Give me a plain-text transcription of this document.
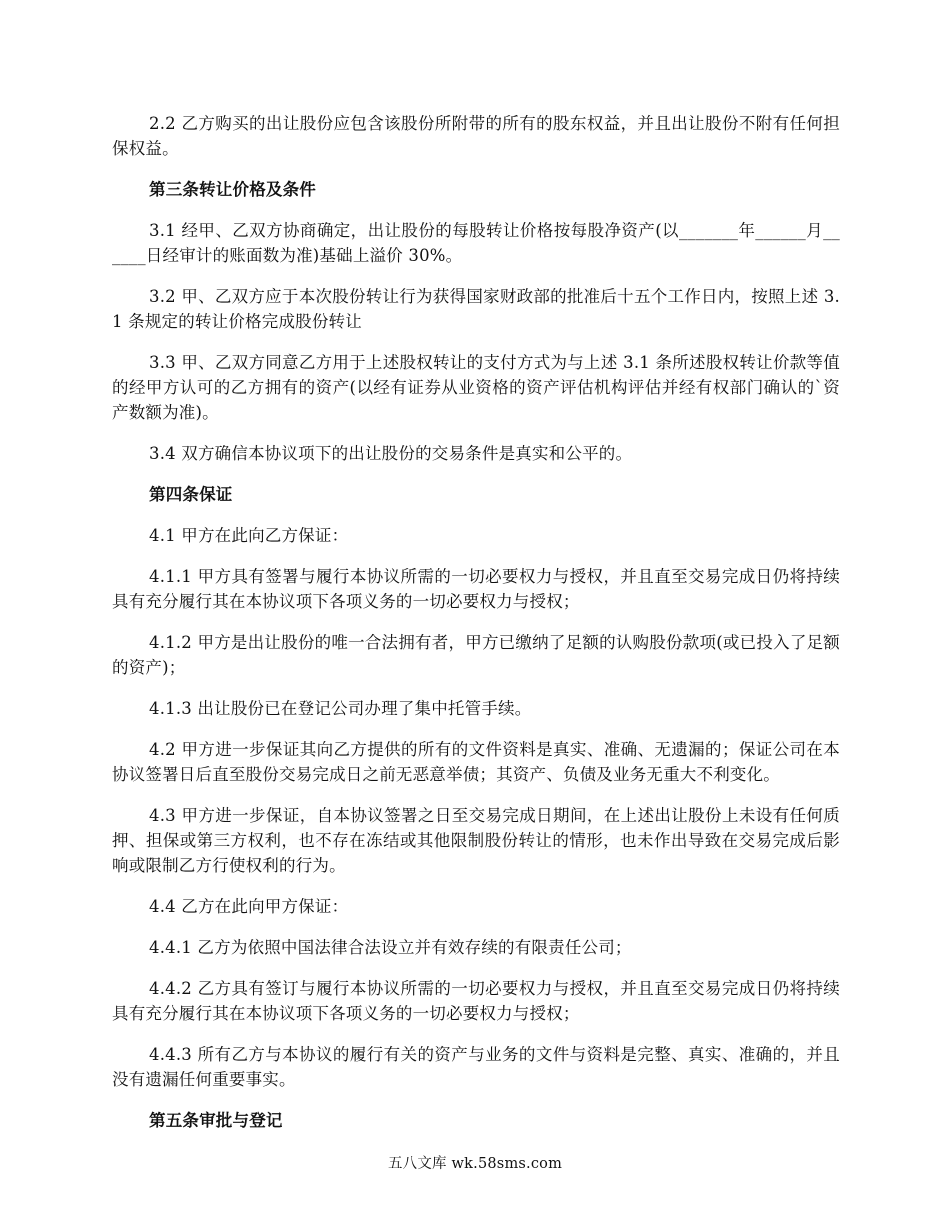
2.2 乙方购买的出让股份应包含该股份所附带的所有的股东权益，并且出让股份不附有任何担保权益。

第三条转让价格及条件

3.1 经甲、乙双方协商确定，出让股份的每股转让价格按每股净资产(以_______年______月______日经审计的账面数为准)基础上溢价 30%。

3.2 甲、乙双方应于本次股份转让行为获得国家财政部的批准后十五个工作日内，按照上述 3.1 条规定的转让价格完成股份转让

3.3 甲、乙双方同意乙方用于上述股权转让的支付方式为与上述 3.1 条所述股权转让价款等值的经甲方认可的乙方拥有的资产(以经有证券从业资格的资产评估机构评估并经有权部门确认的`资产数额为准)。

3.4 双方确信本协议项下的出让股份的交易条件是真实和公平的。

第四条保证

4.1 甲方在此向乙方保证：

4.1.1 甲方具有签署与履行本协议所需的一切必要权力与授权，并且直至交易完成日仍将持续具有充分履行其在本协议项下各项义务的一切必要权力与授权；

4.1.2 甲方是出让股份的唯一合法拥有者，甲方已缴纳了足额的认购股份款项(或已投入了足额的资产)；

4.1.3 出让股份已在登记公司办理了集中托管手续。

4.2 甲方进一步保证其向乙方提供的所有的文件资料是真实、准确、无遗漏的；保证公司在本协议签署日后直至股份交易完成日之前无恶意举债；其资产、负债及业务无重大不利变化。

4.3 甲方进一步保证，自本协议签署之日至交易完成日期间，在上述出让股份上未设有任何质押、担保或第三方权利，也不存在冻结或其他限制股份转让的情形，也未作出导致在交易完成后影响或限制乙方行使权利的行为。

4.4 乙方在此向甲方保证：

4.4.1 乙方为依照中国法律合法设立并有效存续的有限责任公司；

4.4.2 乙方具有签订与履行本协议所需的一切必要权力与授权，并且直至交易完成日仍将持续具有充分履行其在本协议项下各项义务的一切必要权力与授权；

4.4.3 所有乙方与本协议的履行有关的资产与业务的文件与资料是完整、真实、准确的，并且没有遗漏任何重要事实。

第五条审批与登记

五八文库 wk.58sms.com
